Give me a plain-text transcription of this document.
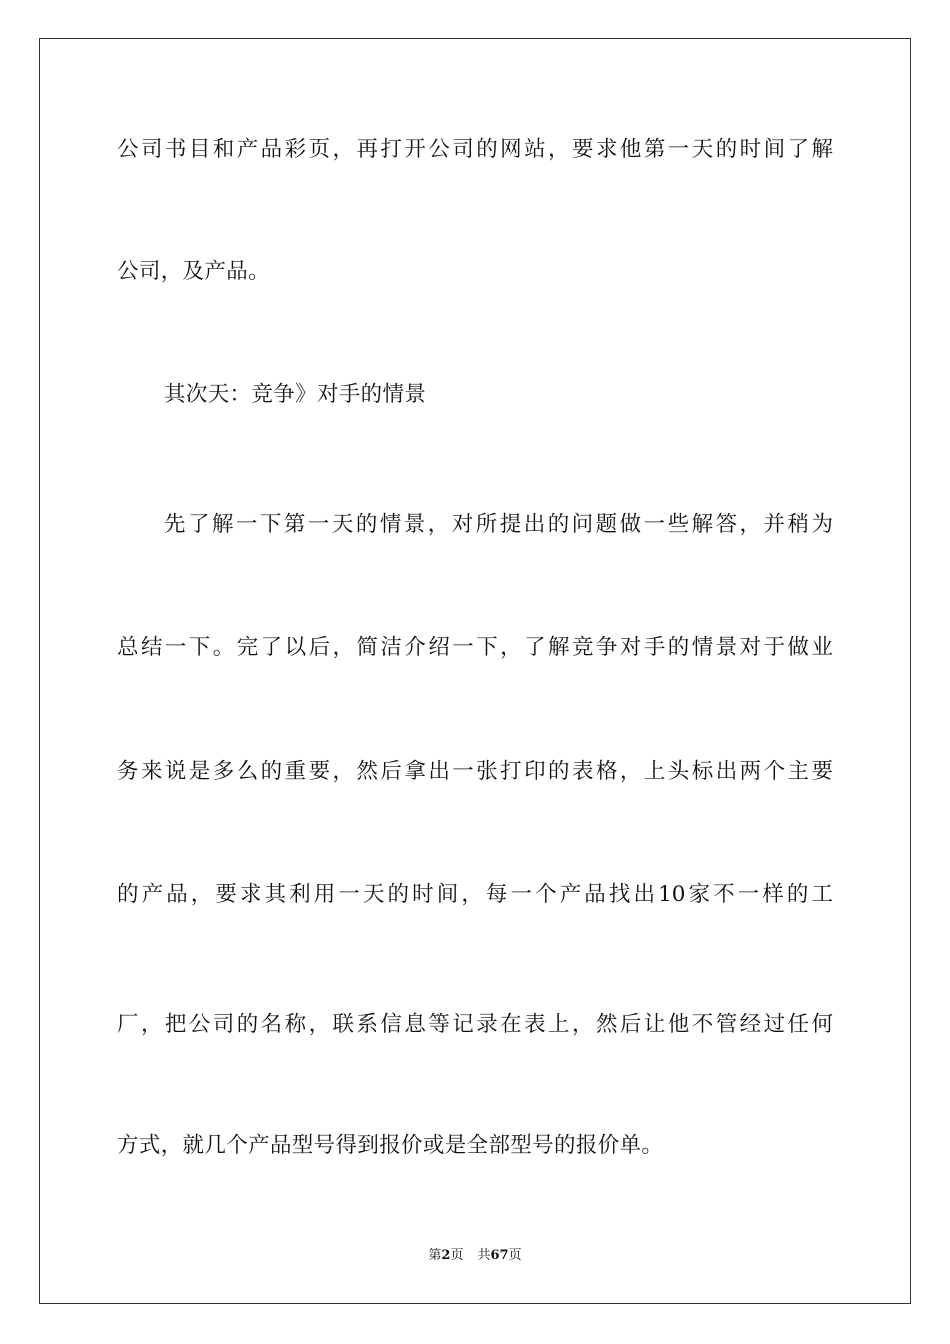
公司书目和产品彩页，再打开公司的网站，要求他第一天的时间了解
公司，及产品。
其次天：竞争》对手的情景
先了解一下第一天的情景，对所提出的问题做一些解答，并稍为
总结一下。完了以后，简洁介绍一下，了解竞争对手的情景对于做业
务来说是多么的重要，然后拿出一张打印的表格，上头标出两个主要
的产品，要求其利用一天的时间，每一个产品找出10家不一样的工
厂，把公司的名称，联系信息等记录在表上，然后让他不管经过任何
方式，就几个产品型号得到报价或是全部型号的报价单。
第2页 共67页
